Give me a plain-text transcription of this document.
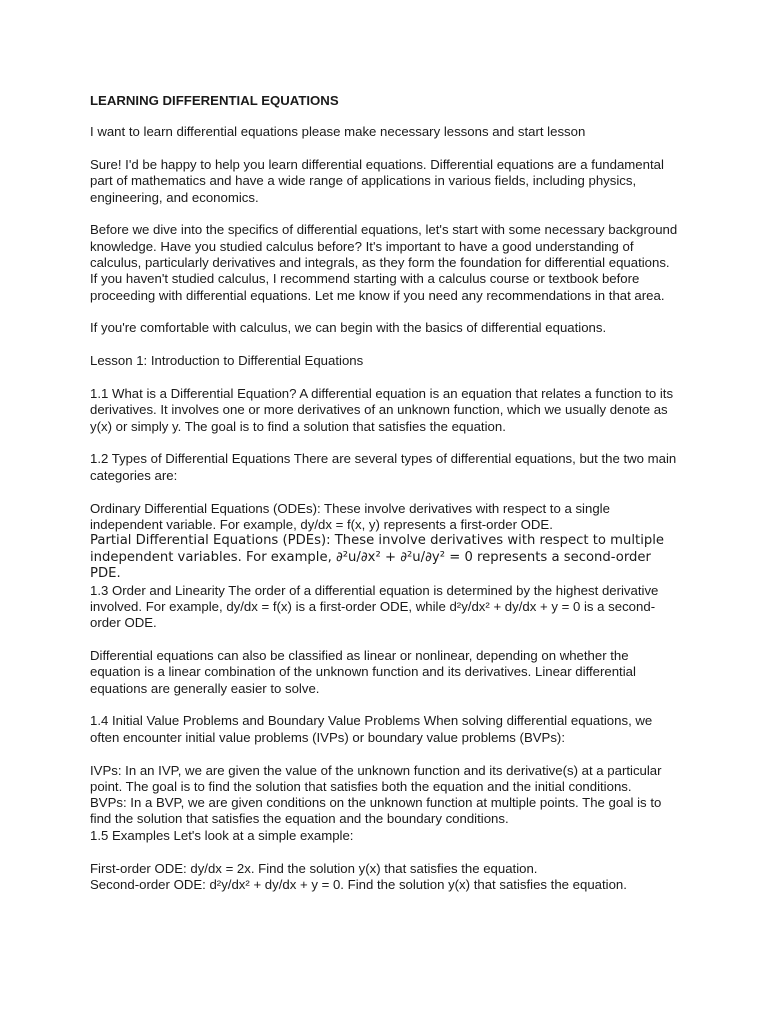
LEARNING DIFFERENTIAL EQUATIONS

I want to learn differential equations please make necessary lessons and start lesson

Sure! I'd be happy to help you learn differential equations. Differential equations are a fundamental part of mathematics and have a wide range of applications in various fields, including physics, engineering, and economics.

Before we dive into the specifics of differential equations, let's start with some necessary background knowledge. Have you studied calculus before? It's important to have a good understanding of calculus, particularly derivatives and integrals, as they form the foundation for differential equations. If you haven't studied calculus, I recommend starting with a calculus course or textbook before proceeding with differential equations. Let me know if you need any recommendations in that area.

If you're comfortable with calculus, we can begin with the basics of differential equations.

Lesson 1: Introduction to Differential Equations

1.1 What is a Differential Equation? A differential equation is an equation that relates a function to its derivatives. It involves one or more derivatives of an unknown function, which we usually denote as y(x) or simply y. The goal is to find a solution that satisfies the equation.

1.2 Types of Differential Equations There are several types of differential equations, but the two main categories are:

Ordinary Differential Equations (ODEs): These involve derivatives with respect to a single independent variable. For example, dy/dx = f(x, y) represents a first-order ODE.

Partial Differential Equations (PDEs): These involve derivatives with respect to multiple independent variables. For example, ∂²u/∂x² + ∂²u/∂y² = 0 represents a second-order PDE.

1.3 Order and Linearity The order of a differential equation is determined by the highest derivative involved. For example, dy/dx = f(x) is a first-order ODE, while d²y/dx² + dy/dx + y = 0 is a second-order ODE.

Differential equations can also be classified as linear or nonlinear, depending on whether the equation is a linear combination of the unknown function and its derivatives. Linear differential equations are generally easier to solve.

1.4 Initial Value Problems and Boundary Value Problems When solving differential equations, we often encounter initial value problems (IVPs) or boundary value problems (BVPs):

IVPs: In an IVP, we are given the value of the unknown function and its derivative(s) at a particular point. The goal is to find the solution that satisfies both the equation and the initial conditions.

BVPs: In a BVP, we are given conditions on the unknown function at multiple points. The goal is to find the solution that satisfies the equation and the boundary conditions.

1.5 Examples Let's look at a simple example:

First-order ODE: dy/dx = 2x. Find the solution y(x) that satisfies the equation.

Second-order ODE: d²y/dx² + dy/dx + y = 0. Find the solution y(x) that satisfies the equation.
